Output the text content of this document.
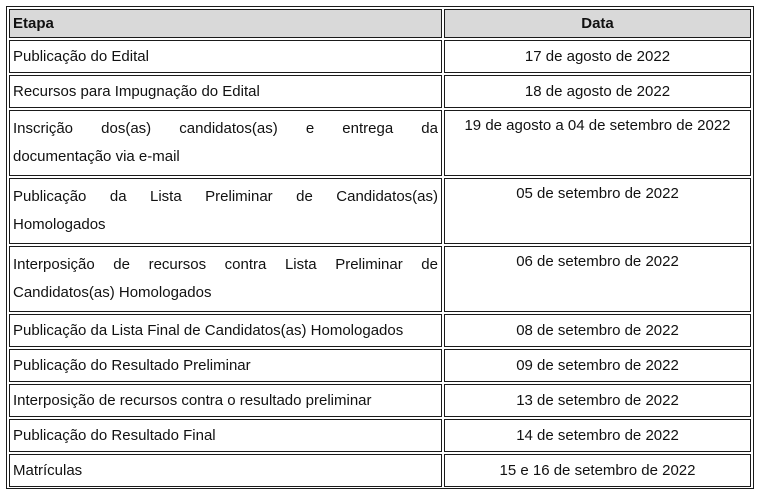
Etapa	Data
Publicação do Edital	17 de agosto de 2022
Recursos para Impugnação do Edital	18 de agosto de 2022

Inscrição dos(as) candidatos(as) e entrega da
documentação via e-mail	19 de agosto a 04 de setembro de 2022

Publicação da Lista Preliminar de Candidatos(as)
Homologados	05 de setembro de 2022

Interposição de recursos contra Lista Preliminar de
Candidatos(as) Homologados	06 de setembro de 2022
Publicação da Lista Final de Candidatos(as) Homologados	08 de setembro de 2022
Publicação do Resultado Preliminar	09 de setembro de 2022
Interposição de recursos contra o resultado preliminar	13 de setembro de 2022
Publicação do Resultado Final	14 de setembro de 2022
Matrículas	15 e 16 de setembro de 2022
